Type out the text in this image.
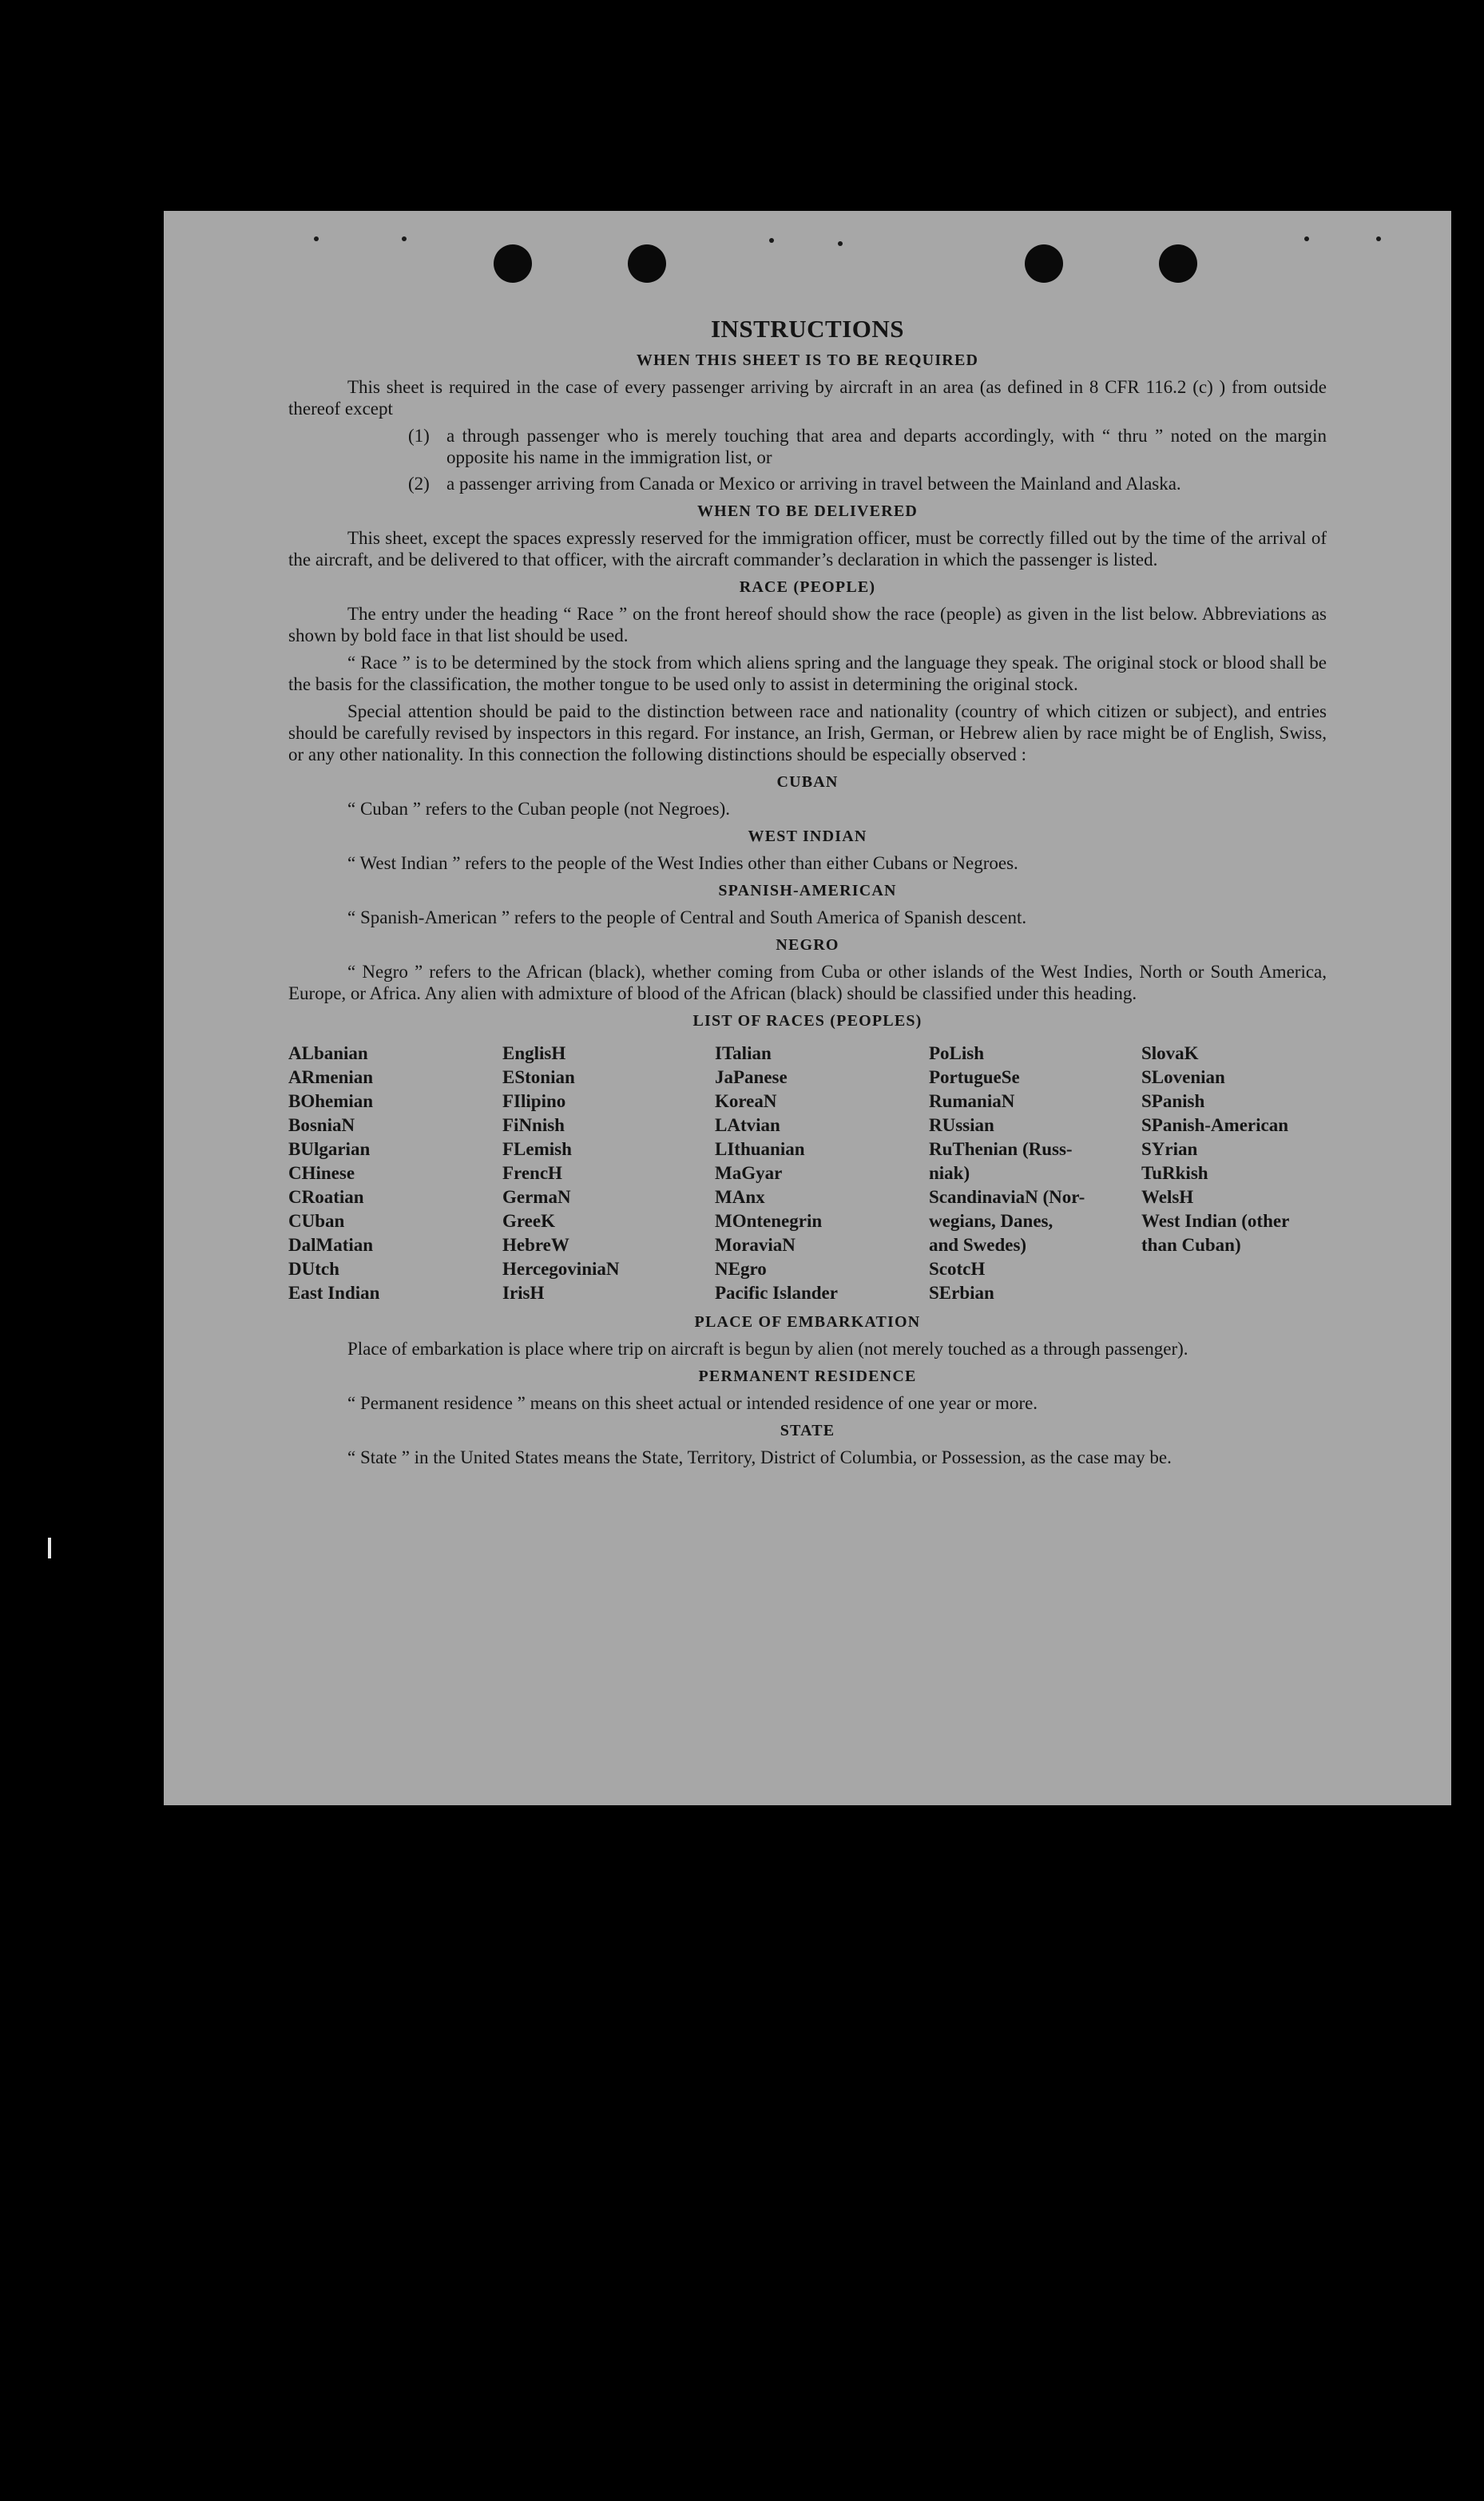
INSTRUCTIONS
WHEN THIS SHEET IS TO BE REQUIRED

This sheet is required in the case of every passenger arriving by aircraft in an area (as defined in 8 CFR 116.2 (c) ) from outside thereof except

(1) a through passenger who is merely touching that area and departs accordingly, with “ thru ” noted on the margin opposite his name in the immigration list, or
(2) a passenger arriving from Canada or Mexico or arriving in travel between the Mainland and Alaska.
WHEN TO BE DELIVERED

This sheet, except the spaces expressly reserved for the immigration officer, must be correctly filled out by the time of the arrival of the aircraft, and be delivered to that officer, with the aircraft commander’s declaration in which the passenger is listed.

RACE (PEOPLE)

The entry under the heading “ Race ” on the front hereof should show the race (people) as given in the list below. Abbreviations as shown by bold face in that list should be used.

“ Race ” is to be determined by the stock from which aliens spring and the language they speak. The original stock or blood shall be the basis for the classification, the mother tongue to be used only to assist in determining the original stock.

Special attention should be paid to the distinction between race and nationality (country of which citizen or subject), and entries should be carefully revised by inspectors in this regard. For instance, an Irish, German, or Hebrew alien by race might be of English, Swiss, or any other nationality. In this connection the following distinctions should be especially observed :

CUBAN

“ Cuban ” refers to the Cuban people (not Negroes).

WEST INDIAN

“ West Indian ” refers to the people of the West Indies other than either Cubans or Negroes.

SPANISH-AMERICAN

“ Spanish-American ” refers to the people of Central and South America of Spanish descent.

NEGRO

“ Negro ” refers to the African (black), whether coming from Cuba or other islands of the West Indies, North or South America, Europe, or Africa. Any alien with admixture of blood of the African (black) should be classified under this heading.

LIST OF RACES (PEOPLES)
ALbanian
ARmenian
BOhemian
BosniaN
BUlgarian
CHinese
CRoatian
CUban
DalMatian
DUtch
East Indian
EnglisH
EStonian
FIlipino
FiNnish
FLemish
FrencH
GermaN
GreeK
HebreW
HercegovinіaN
IrisH
ITalian
JaPanese
KoreaN
LAtvian
LIthuanian
MaGyar
MAnx
MOntenegrin
MoraviaN
NEgro
Pacific Islander
PoLish
PortugueSe
RumaniaN
RUssian
RuThenian (Russ-
niak)
ScandinaviaN (Nor-
wegians, Danes,
and Swedes)
ScotcH
SErbian
SlovaK
SLovenian
SPanish
SPanish-American
SYrian
TuRkish
WelsH
West Indian (other
than Cuban)
PLACE OF EMBARKATION

Place of embarkation is place where trip on aircraft is begun by alien (not merely touched as a through passenger).

PERMANENT RESIDENCE

“ Permanent residence ” means on this sheet actual or intended residence of one year or more.

STATE

“ State ” in the United States means the State, Territory, District of Columbia, or Possession, as the case may be.
